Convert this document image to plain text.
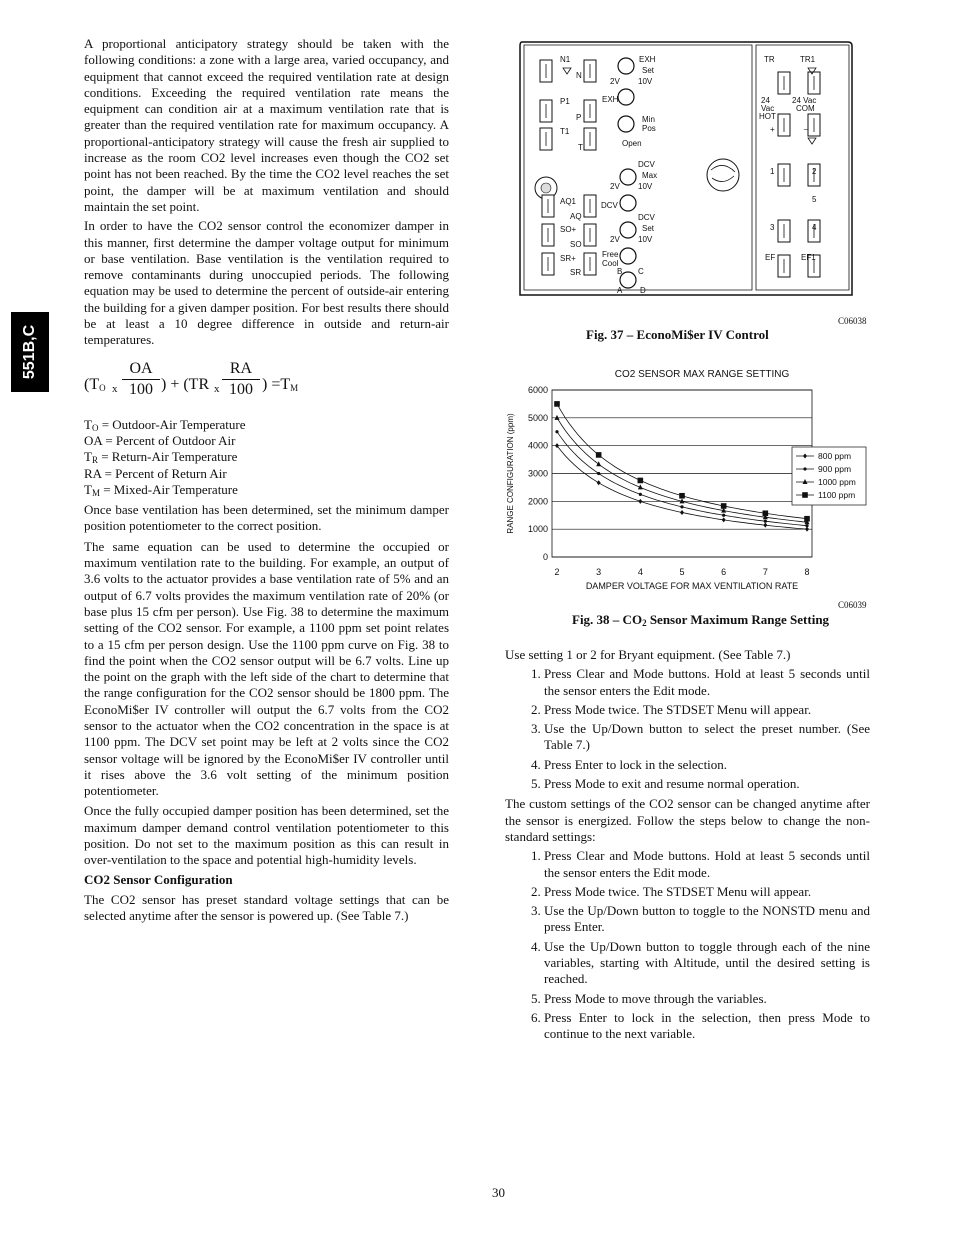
551B,C

A proportional anticipatory strategy should be taken with the following conditions: a zone with a large area, varied occupancy, and equipment that cannot exceed the required ventilation rate at design conditions. Exceeding the required ventilation rate means the equipment can condition air at a maximum ventilation rate that is greater than the required ventilation rate for maximum occupancy. A proportional-anticipatory strategy will cause the fresh air supplied to increase as the room CO2 level increases even though the CO2 set point has not been reached. By the time the CO2 level reaches the set point, the damper will be at maximum ventilation and should maintain the set point.

In order to have the CO2 sensor control the economizer damper in this manner, first determine the damper voltage output for minimum or base ventilation. Base ventilation is the ventilation required to remove contaminants during unoccupied periods. The following equation may be used to determine the percent of outside-air entering the building for a given damper position. For best results there should be at least a 10 degree difference in outside and return-air temperatures.

($T_O$ x $\frac{OA}{100}$ ) + (TR x $\frac{RA}{100}$ ) $=T_M$
$T_O$ = Outdoor-Air Temperature
OA = Percent of Outdoor Air
$T_R$ = Return-Air Temperature
RA = Percent of Return Air
$T_M$ = Mixed-Air Temperature

Once base ventilation has been determined, set the minimum damper position potentiometer to the correct position.

The same equation can be used to determine the occupied or maximum ventilation rate to the building. For example, an output of 3.6 volts to the actuator provides a base ventilation rate of 5% and an output of 6.7 volts provides the maximum ventilation rate of 20% (or base plus 15 cfm per person). Use Fig. 38 to determine the maximum setting of the CO2 sensor. For example, a 1100 ppm set point relates to a 15 cfm per person design. Use the 1100 ppm curve on Fig. 38 to find the point when the CO2 sensor output will be 6.7 volts. Line up the point on the graph with the left side of the chart to determine that the range configuration for the CO2 sensor should be 1800 ppm. The EconoMi$er IV controller will output the 6.7 volts from the CO2 sensor to the actuator when the CO2 concentration in the space is at 1100 ppm. The DCV set point may be left at 2 volts since the CO2 sensor voltage will be ignored by the EconoMi$er IV controller until it rises above the 3.6 volt setting of the minimum position potentiometer.

Once the fully occupied damper position has been determined, set the maximum damper demand control ventilation potentiometer to this position. Do not set to the maximum position as this can result in over-ventilation to the space and potential high-humidity levels.

CO2 Sensor Configuration

The CO2 sensor has preset standard voltage settings that can be selected anytime after the sensor is powered up. (See Table 7.)

N1
N
P1
P
T1
T
EXH
Set
2V 10V
EXH
Min
Pos
Open
DCV
Max
2V 10V
AQ1
AQ
DCV
DCV
Set
2V 10V
SO+
SO
SR+
SR
Free
Cool
B C
A D
TR	TR1
24
Vac
HOT
24 Vac
COM
+	_
1	2
5
3	4
EF	EF1
C06038
Fig. 37 – EconoMi$er IV Control
CO2 SENSOR MAX RANGE SETTING
0
1000
2000
3000
4000
5000
6000
2	3	4	5	6	7	8
DAMPER VOLTAGE FOR MAX VENTILATION RATE
RANGE CONFIGURATION (ppm)	800 ppm
900 ppm
1000 ppm
1100 ppm
C06039
Fig. $38 - CO_2$ Sensor Maximum Range Setting

Use setting 1 or 2 for Bryant equipment. (See Table 7.)

1. Press Clear and Mode buttons. Hold at least 5 seconds until the sensor enters the Edit mode.
2. Press Mode twice. The STDSET Menu will appear.
3. Use the Up/Down button to select the preset number. (See Table 7.)
4. Press Enter to lock in the selection.
5. Press Mode to exit and resume normal operation.

The custom settings of the CO2 sensor can be changed anytime after the sensor is energized. Follow the steps below to change the non-standard settings:

1. Press Clear and Mode buttons. Hold at least 5 seconds until the sensor enters the Edit mode.
2. Press Mode twice. The STDSET Menu will appear.
3. Use the Up/Down button to toggle to the NONSTD menu and press Enter.
4. Use the Up/Down button to toggle through each of the nine variables, starting with Altitude, until the desired setting is reached.
5. Press Mode to move through the variables.
6. Press Enter to lock in the selection, then press Mode to continue to the next variable.
30
